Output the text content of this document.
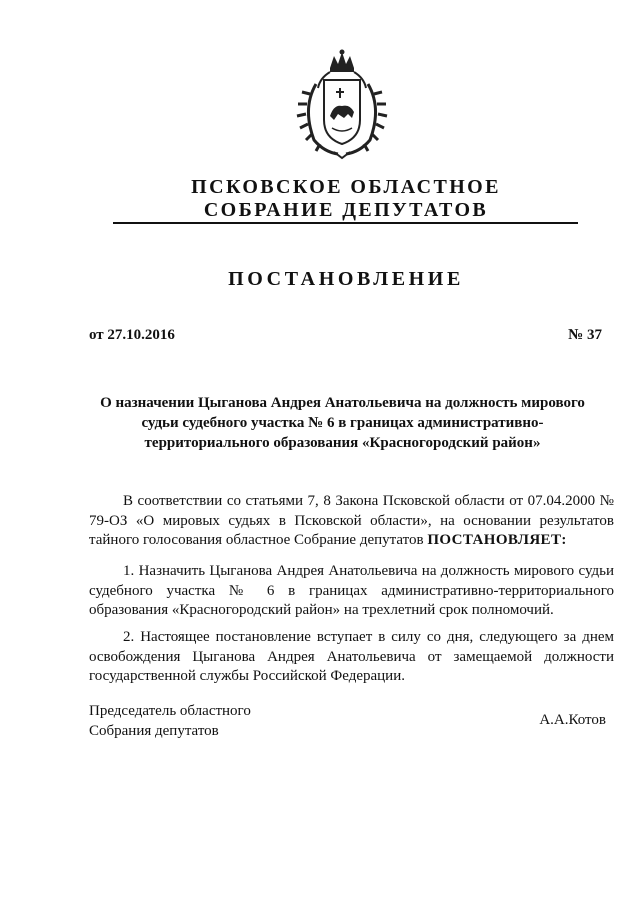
ПСКОВСКОЕ ОБЛАСТНОЕ
СОБРАНИЕ ДЕПУТАТОВ
ПОСТАНОВЛЕНИЕ
от 27.10.2016	№ 37
О назначении Цыганова Андрея Анатольевича на должность мирового судьи судебного участка № 6 в границах административно-территориального образования «Красногородский район»
В соответствии со статьями 7, 8 Закона Псковской области от 07.04.2000 № 79-ОЗ «О мировых судьях в Псковской области», на основании результатов тайного голосования областное Собрание депутатов ПОСТАНОВЛЯЕТ:
1. Назначить Цыганова Андрея Анатольевича на должность мирового судьи судебного участка № 6 в границах административно-территориального образования «Красногородский район» на трехлетний срок полномочий.
2. Настоящее постановление вступает в силу со дня, следующего за днем освобождения Цыганова Андрея Анатольевича от замещаемой должности государственной службы Российской Федерации.
Председатель областного
Собрания депутатов
А.А.Котов
